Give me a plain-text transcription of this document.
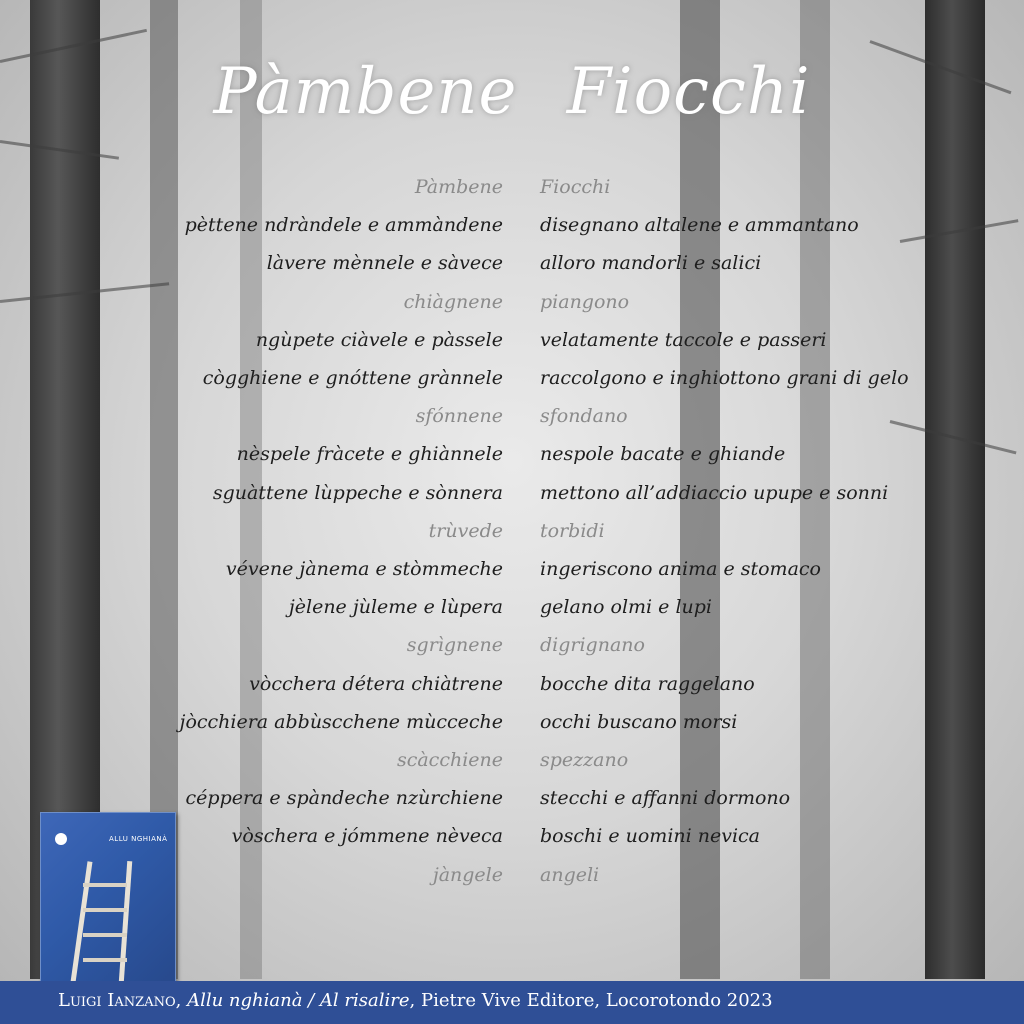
Pàmbene Fiocchi
Pàmbene Fiocchi
pèttene ndràndele e ammàndene disegnano altalene e ammantano
làvere mènnele e sàvece alloro mandorli e salici
chiàgnene piangono
ngùpete ciàvele e pàssele velatamente taccole e passeri
cògghiene e gnóttene grànnele raccolgono e inghiottono grani di gelo
sfónnene sfondano
nèspele fràcete e ghiànnele nespole bacate e ghiande
sguàttene lùppeche e sònnera mettono all’addiaccio upupe e sonni
trùvede torbidi
vévene jànema e stòmmeche ingeriscono anima e stomaco
jèlene jùleme e lùpera gelano olmi e lupi
sgrìgnene digrignano
vòcchera détera chiàtrene bocche dita raggelano
jòcchiera abbùscchene mùcceche occhi buscano morsi
scàcchiene spezzano
céppera e spàndeche nzùrchiene stecchi e affanni dormono
vòschera e jómmene nèveca boschi e uomini nevica
jàngele angeli
ALLU NGHIANÀ
Luigi Ianzano, Allu nghianà / Al risalire, Pietre Vive Editore, Locorotondo 2023
